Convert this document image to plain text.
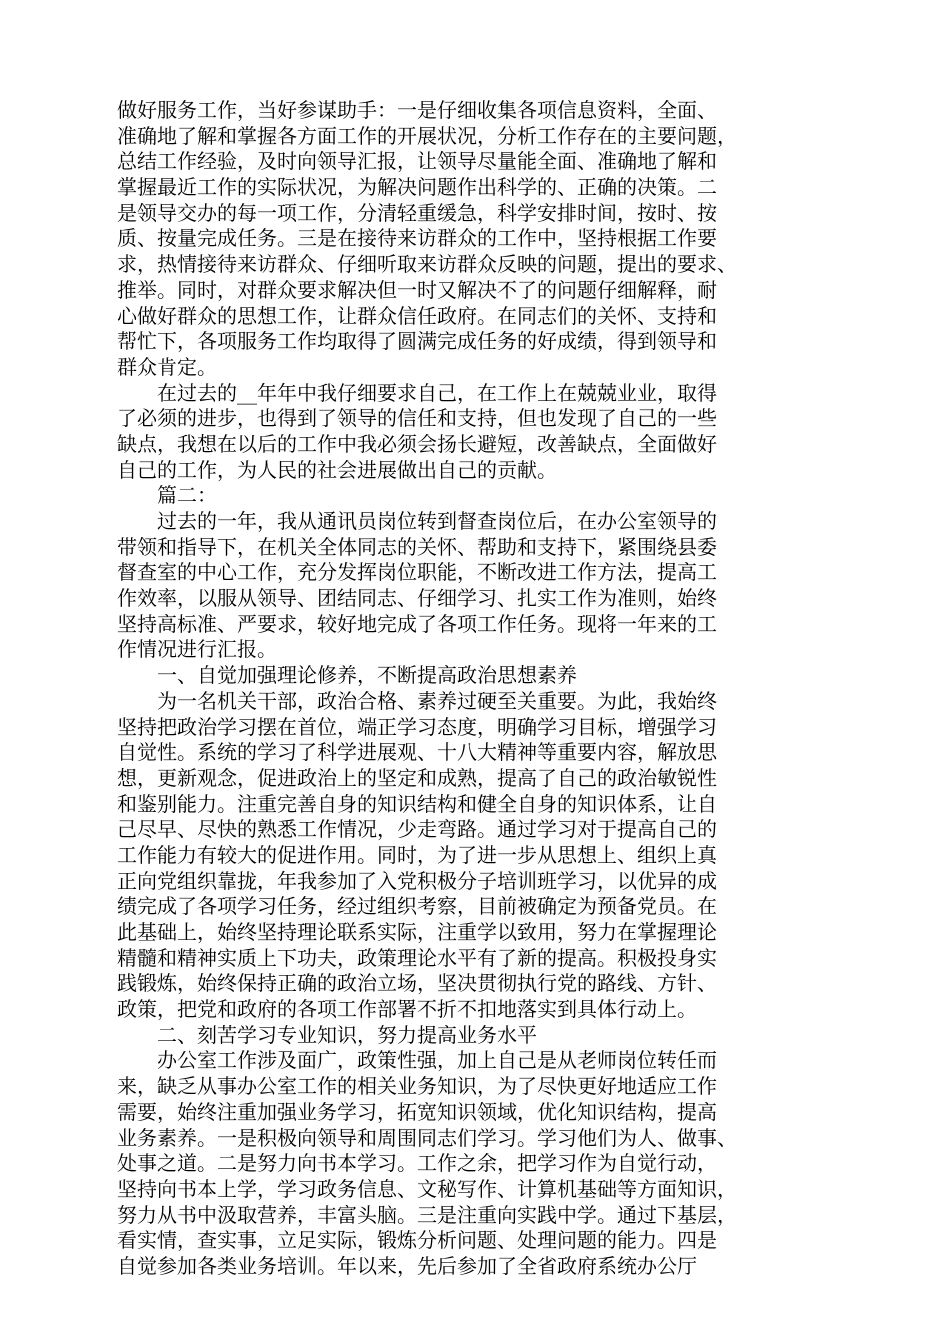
做好服务工作，当好参谋助手：一是仔细收集各项信息资料，全面、
准确地了解和掌握各方面工作的开展状况，分析工作存在的主要问题，
总结工作经验，及时向领导汇报，让领导尽量能全面、准确地了解和
掌握最近工作的实际状况，为解决问题作出科学的、正确的决策。二
是领导交办的每一项工作，分清轻重缓急，科学安排时间，按时、按
质、按量完成任务。三是在接待来访群众的工作中，坚持根据工作要
求，热情接待来访群众、仔细听取来访群众反映的问题，提出的要求、
推举。同时，对群众要求解决但一时又解决不了的问题仔细解释，耐
心做好群众的思想工作，让群众信任政府。在同志们的关怀、支持和
帮忙下，各项服务工作均取得了圆满完成任务的好成绩，得到领导和
群众肯定。
　　在过去的__年年中我仔细要求自己，在工作上在兢兢业业，取得
了必须的进步，也得到了领导的信任和支持，但也发现了自己的一些
缺点，我想在以后的工作中我必须会扬长避短，改善缺点，全面做好
自己的工作，为人民的社会进展做出自己的贡献。
　　篇二：
　　过去的一年，我从通讯员岗位转到督查岗位后，在办公室领导的
带领和指导下，在机关全体同志的关怀、帮助和支持下，紧围绕县委
督查室的中心工作，充分发挥岗位职能，不断改进工作方法，提高工
作效率，以服从领导、团结同志、仔细学习、扎实工作为准则，始终
坚持高标准、严要求，较好地完成了各项工作任务。现将一年来的工
作情况进行汇报。
　　一、自觉加强理论修养，不断提高政治思想素养
　　为一名机关干部，政治合格、素养过硬至关重要。为此，我始终
坚持把政治学习摆在首位，端正学习态度，明确学习目标，增强学习
自觉性。系统的学习了科学进展观、十八大精神等重要内容，解放思
想，更新观念，促进政治上的坚定和成熟，提高了自己的政治敏锐性
和鉴别能力。注重完善自身的知识结构和健全自身的知识体系，让自
己尽早、尽快的熟悉工作情况，少走弯路。通过学习对于提高自己的
工作能力有较大的促进作用。同时，为了进一步从思想上、组织上真
正向党组织靠拢，年我参加了入党积极分子培训班学习，以优异的成
绩完成了各项学习任务，经过组织考察，目前被确定为预备党员。在
此基础上，始终坚持理论联系实际，注重学以致用，努力在掌握理论
精髓和精神实质上下功夫，政策理论水平有了新的提高。积极投身实
践锻炼，始终保持正确的政治立场，坚决贯彻执行党的路线、方针、
政策，把党和政府的各项工作部署不折不扣地落实到具体行动上。
　　二、刻苦学习专业知识，努力提高业务水平
　　办公室工作涉及面广，政策性强，加上自己是从老师岗位转任而
来，缺乏从事办公室工作的相关业务知识，为了尽快更好地适应工作
需要，始终注重加强业务学习，拓宽知识领域，优化知识结构，提高
业务素养。一是积极向领导和周围同志们学习。学习他们为人、做事、
处事之道。二是努力向书本学习。工作之余，把学习作为自觉行动，
坚持向书本上学，学习政务信息、文秘写作、计算机基础等方面知识，
努力从书中汲取营养，丰富头脑。三是注重向实践中学。通过下基层，
看实情，查实事，立足实际，锻炼分析问题、处理问题的能力。四是
自觉参加各类业务培训。年以来，先后参加了全省政府系统办公厅
